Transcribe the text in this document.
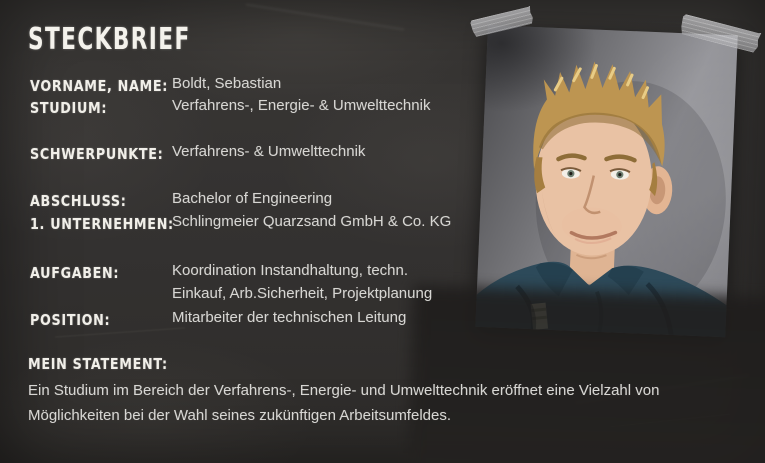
STECKBRIEF
VORNAME, NAME: Boldt, Sebastian
STUDIUM:	Verfahrens-, Energie- & Umwelttechnik
SCHWERPUNKTE: Verfahrens- & Umwelttechnik
ABSCHLUSS:	Bachelor of Engineering
1. UNTERNEHMEN:
Schlingmeier Quarzsand GmbH & Co. KG
AUFGABEN:	Koordination Instandhaltung, techn.
Einkauf, Arb.Sicherheit, Projektplanung
POSITION:	Mitarbeiter der technischen Leitung
MEIN STATEMENT:
Ein Studium im Bereich der Verfahrens-, Energie- und Umwelttechnik eröffnet eine Vielzahl von
Möglichkeiten bei der Wahl seines zukünftigen Arbeitsumfeldes.
